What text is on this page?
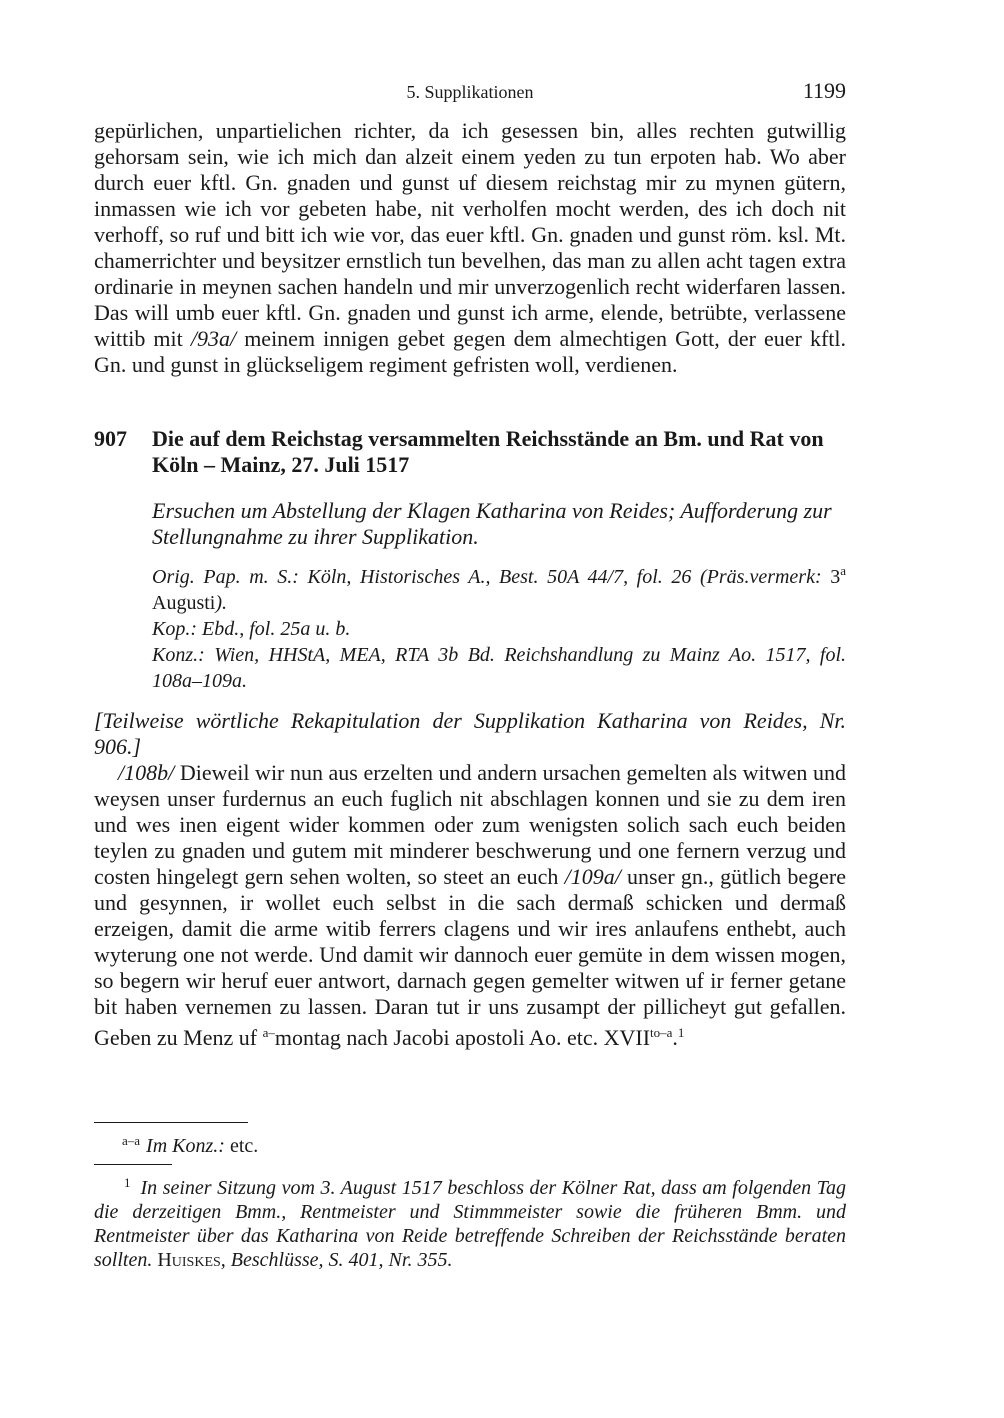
5. Supplikationen	1199

gepürlichen, unpartielichen richter, da ich gesessen bin, alles rechten gutwillig gehorsam sein, wie ich mich dan alzeit einem yeden zu tun erpoten hab. Wo aber durch euer kftl. Gn. gnaden und gunst uf diesem reichstag mir zu mynen gütern, inmassen wie ich vor gebeten habe, nit verholfen mocht werden, des ich doch nit verhoff, so ruf und bitt ich wie vor, das euer kftl. Gn. gnaden und gunst röm. ksl. Mt. chamerrichter und beysitzer ernstlich tun bevelhen, das man zu allen acht tagen extra ordinarie in meynen sachen handeln und mir unverzogenlich recht widerfaren lassen. Das will umb euer kftl. Gn. gnaden und gunst ich arme, elende, betrübte, verlassene wittib mit /93a/ meinem innigen gebet gegen dem almechtigen Gott, der euer kftl. Gn. und gunst in glückseligem regiment gefristen woll, verdienen.

907	Die auf dem Reichstag versammelten Reichsstände an Bm. und Rat von Köln – Mainz, 27. Juli 1517

Ersuchen um Abstellung der Klagen Katharina von Reides; Aufforderung zur Stellungnahme zu ihrer Supplikation.

Orig. Pap. m. S.: Köln, Historisches A., Best. 50A 44/7, fol. 26 (Präs.vermerk: 3$^a$ Augusti).
Kop.: Ebd., fol. 25a u. b.
Konz.: Wien, HHStA, MEA, RTA 3b Bd. Reichshandlung zu Mainz Ao. 1517, fol. 108a–109a.

[Teilweise wörtliche Rekapitulation der Supplikation Katharina von Reides, Nr. 906.]

/108b/ Dieweil wir nun aus erzelten und andern ursachen gemelten als witwen und weysen unser furdernus an euch fuglich nit abschlagen konnen und sie zu dem iren und wes inen eigent wider kommen oder zum wenigsten solich sach euch beiden teylen zu gnaden und gutem mit minderer beschwerung und one fernern verzug und costen hingelegt gern sehen wolten, so steet an euch /109a/ unser gn., gütlich begere und gesynnen, ir wollet euch selbst in die sach dermaß schicken und dermaß erzeigen, damit die arme witib ferrers clagens und wir ires anlaufens enthebt, auch wyterung one not werde. Und damit wir dannoch euer gemüte in dem wissen mogen, so begern wir heruf euer antwort, darnach gegen gemelter witwen uf ir ferner getane bit haben vernemen zu lassen. Daran tut ir uns zusampt der pillicheyt gut gefallen. Geben zu Menz uf $^{a-}$montag nach Jacobi apostoli Ao. etc. $XVII^{to-a}.^1$

$^{a-a}$ Im Konz.: etc.
$^1$ In seiner Sitzung vom 3. August 1517 beschloss der Kölner Rat, dass am folgenden Tag die derzeitigen Bmm., Rentmeister und Stimmmeister sowie die früheren Bmm. und Rentmeister über das Katharina von Reide betreffende Schreiben der Reichsstände beraten sollten. Huiskes, Beschlüsse, S. 401, Nr. 355.
